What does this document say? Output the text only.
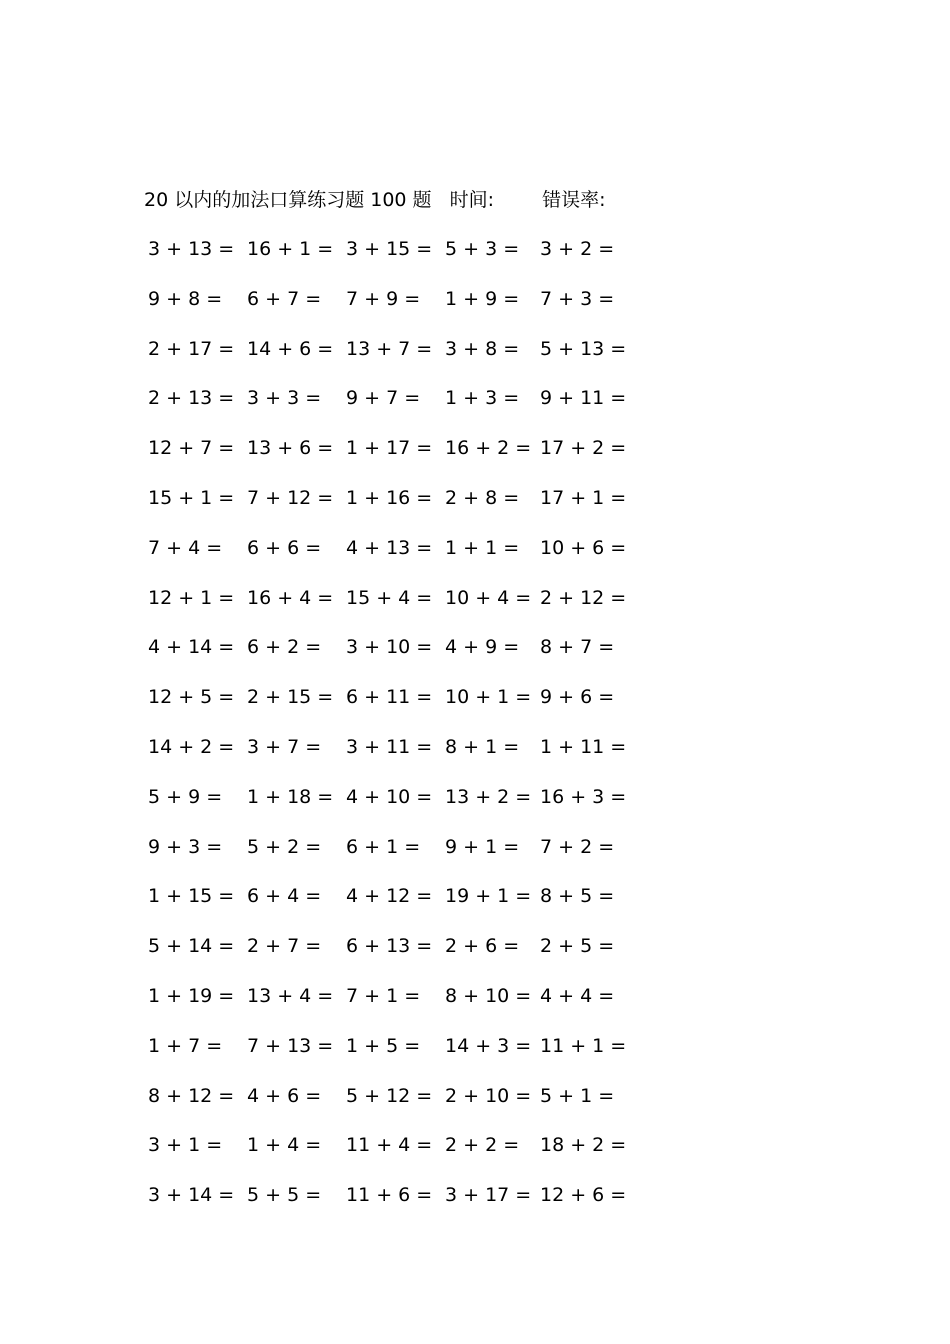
20 以内的加法口算练习题 100 题 时间:	错误率:
3 + 13 = 16 + 1 = 3 + 15 = 5 + 3 = 3 + 2 =
9 + 8 = 6 + 7 = 7 + 9 = 1 + 9 = 7 + 3 =
2 + 17 = 14 + 6 = 13 + 7 = 3 + 8 = 5 + 13 =
2 + 13 = 3 + 3 = 9 + 7 = 1 + 3 = 9 + 11 =
12 + 7 = 13 + 6 = 1 + 17 = 16 + 2 = 17 + 2 =
15 + 1 = 7 + 12 = 1 + 16 = 2 + 8 = 17 + 1 =
7 + 4 = 6 + 6 = 4 + 13 = 1 + 1 = 10 + 6 =
12 + 1 = 16 + 4 = 15 + 4 = 10 + 4 = 2 + 12 =
4 + 14 = 6 + 2 = 3 + 10 = 4 + 9 = 8 + 7 =
12 + 5 = 2 + 15 = 6 + 11 = 10 + 1 = 9 + 6 =
14 + 2 = 3 + 7 = 3 + 11 = 8 + 1 = 1 + 11 =
5 + 9 = 1 + 18 = 4 + 10 = 13 + 2 = 16 + 3 =
9 + 3 = 5 + 2 = 6 + 1 = 9 + 1 = 7 + 2 =
1 + 15 = 6 + 4 = 4 + 12 = 19 + 1 = 8 + 5 =
5 + 14 = 2 + 7 = 6 + 13 = 2 + 6 = 2 + 5 =
1 + 19 = 13 + 4 = 7 + 1 = 8 + 10 = 4 + 4 =
1 + 7 = 7 + 13 = 1 + 5 = 14 + 3 = 11 + 1 =
8 + 12 = 4 + 6 = 5 + 12 = 2 + 10 = 5 + 1 =
3 + 1 = 1 + 4 = 11 + 4 = 2 + 2 = 18 + 2 =
3 + 14 = 5 + 5 = 11 + 6 = 3 + 17 = 12 + 6 =
